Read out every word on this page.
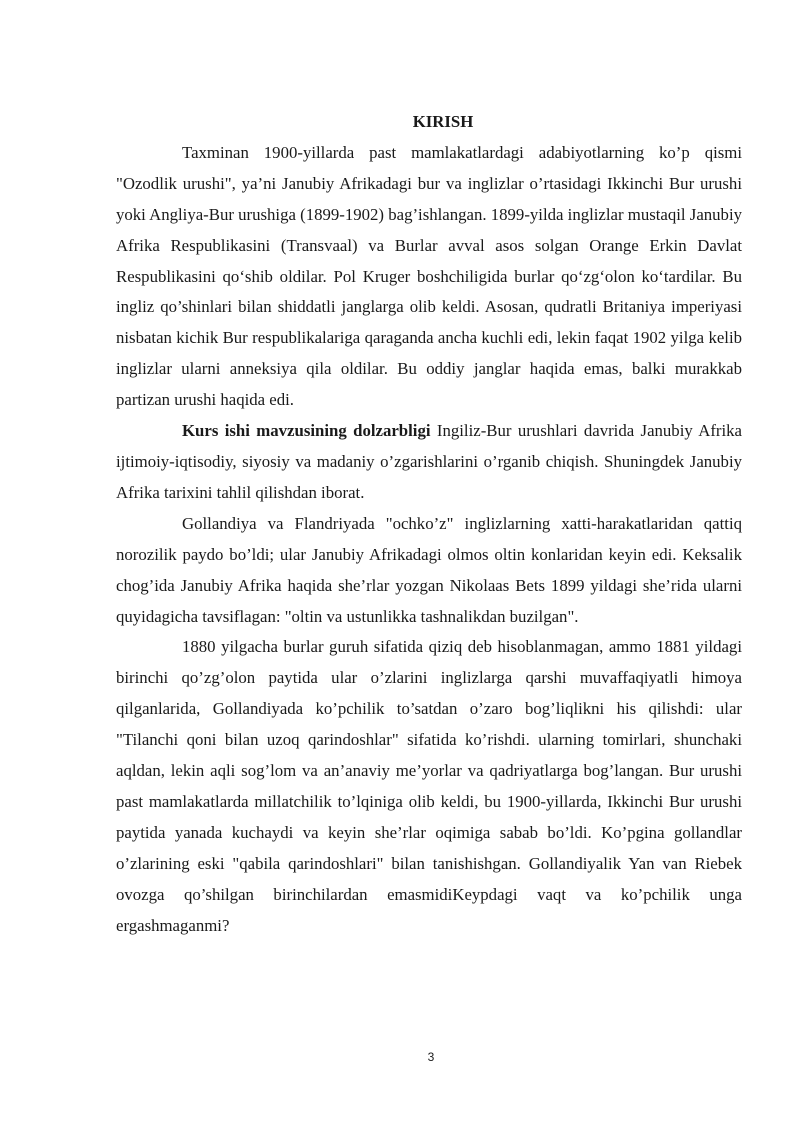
KIRISH

Taxminan 1900-yillarda past mamlakatlardagi adabiyotlarning ko’p qismi "Ozodlik urushi", ya’ni Janubiy Afrikadagi bur va inglizlar o’rtasidagi Ikkinchi Bur urushi yoki Angliya-Bur urushiga (1899-1902) bag’ishlangan. 1899-yilda inglizlar mustaqil Janubiy Afrika Respublikasini (Transvaal) va Burlar avval asos solgan Orange Erkin Davlat Respublikasini qo‘shib oldilar. Pol Kruger boshchiligida burlar qo‘zg‘olon ko‘tardilar. Bu ingliz qo’shinlari bilan shiddatli janglarga olib keldi. Asosan, qudratli Britaniya imperiyasi nisbatan kichik Bur respublikalariga qaraganda ancha kuchli edi, lekin faqat 1902 yilga kelib inglizlar ularni anneksiya qila oldilar. Bu oddiy janglar haqida emas, balki murakkab partizan urushi haqida edi.

Kurs ishi mavzusining dolzarbligi Ingiliz-Bur urushlari davrida Janubiy Afrika ijtimoiy-iqtisodiy, siyosiy va madaniy o’zgarishlarini o’rganib chiqish. Shuningdek Janubiy Afrika tarixini tahlil qilishdan iborat.

Gollandiya va Flandriyada "ochko’z" inglizlarning xatti-harakatlaridan qattiq norozilik paydo bo’ldi; ular Janubiy Afrikadagi olmos oltin konlaridan keyin edi. Keksalik chog’ida Janubiy Afrika haqida she’rlar yozgan Nikolaas Bets 1899 yildagi she’rida ularni quyidagicha tavsiflagan: "oltin va ustunlikka tashnalikdan buzilgan".

1880 yilgacha burlar guruh sifatida qiziq deb hisoblanmagan, ammo 1881 yildagi birinchi qo’zg’olon paytida ular o’zlarini inglizlarga qarshi muvaffaqiyatli himoya qilganlarida, Gollandiyada ko’pchilik to’satdan o’zaro bog’liqlikni his qilishdi: ular "Tilanchi qoni bilan uzoq qarindoshlar" sifatida ko’rishdi. ularning tomirlari, shunchaki aqldan, lekin aqli sog’lom va an’anaviy me’yorlar va qadriyatlarga bog’langan. Bur urushi past mamlakatlarda millatchilik to’lqiniga olib keldi, bu 1900-yillarda, Ikkinchi Bur urushi paytida yanada kuchaydi va keyin she’rlar oqimiga sabab bo’ldi. Ko’pgina gollandlar o’zlarining eski "qabila qarindoshlari" bilan tanishishgan. Gollandiyalik Yan van Riebek ovozga qo’shilgan birinchilardan emasmidiKeypdagi vaqt va ko’pchilik unga ergashmaganmi?

3
